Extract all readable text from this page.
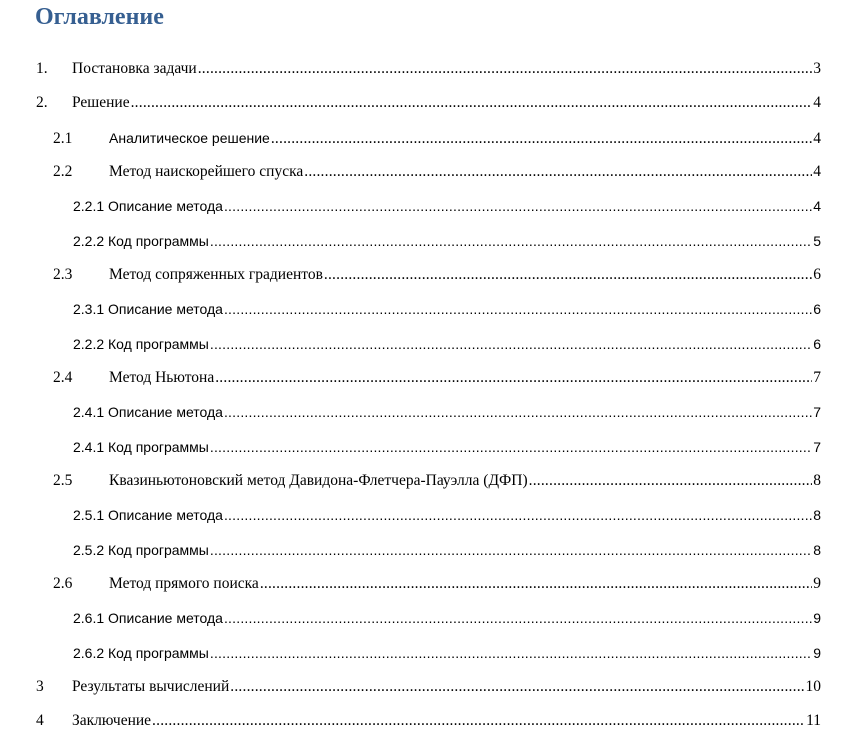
Оглавление
1.	Постановка задачи .....	3
2.	Решение .....	4
2.1	Аналитическое решение .....	4
2.2	Метод наискорейшего спуска .....	4
2.2.1 Описание метода .....	4
2.2.2 Код программы .....	5
2.3	Метод сопряженных градиентов .....	6
2.3.1 Описание метода .....	6
2.2.2 Код программы .....	6
2.4	Метод Ньютона .....	7
2.4.1 Описание метода .....	7
2.4.1 Код программы .....	7
2.5	Квазиньютоновский метод Давидона-Флетчера-Пауэлла (ДФП) .....	8
2.5.1 Описание метода .....	8
2.5.2 Код программы .....	8
2.6	Метод прямого поиска .....	9
2.6.1 Описание метода .....	9
2.6.2 Код программы .....	9
3	Результаты вычислений .....	10
4	Заключение .....	11
